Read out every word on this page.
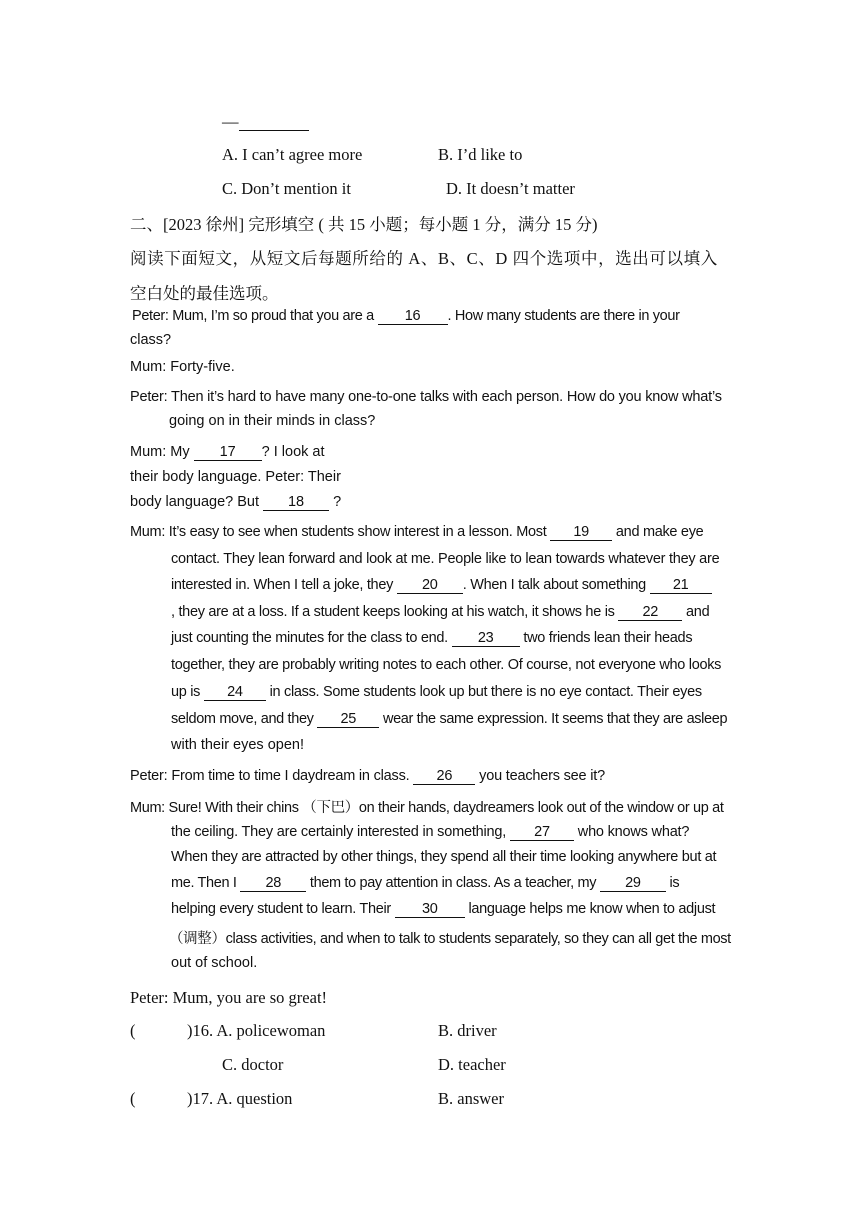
—
A. I can’t agree more	B. I’d like to
C. Don’t mention it	D. It doesn’t matter
二、[2023 徐州] 完形填空 ( 共 15 小题；每小题 1 分，满分 15 分)
阅读下面短文，从短文后每题所给的 A、B、C、D 四个选项中，选出可以填入
空白处的最佳选项。
Peter: Mum, I’m so proud that you are a 16 . How many students are there in your
class?
Mum: Forty-five.
Peter: Then it’s hard to have many one-to-one talks with each person. How do you know what’s
going on in their minds in class?
Mum: My 17 ? I look at
their body language. Peter: Their
body language? But 18 ?
Mum: It’s easy to see when students show interest in a lesson. Most 19 and make eye
contact. They lean forward and look at me. People like to lean towards whatever they are
interested in. When I tell a joke, they 20 . When I talk about something 21
, they are at a loss. If a student keeps looking at his watch, it shows he is 22 and
just counting the minutes for the class to end. 23 two friends lean their heads
together, they are probably writing notes to each other. Of course, not everyone who looks
up is 24 in class. Some students look up but there is no eye contact. Their eyes
seldom move, and they 25 wear the same expression. It seems that they are asleep
with their eyes open!
Peter: From time to time I daydream in class. 26 you teachers see it?
Mum: Sure! With their chins （下巴）on their hands, daydreamers look out of the window or up at
the ceiling. They are certainly interested in something, 27 who knows what?
When they are attracted by other things, they spend all their time looking anywhere but at
me. Then I 28 them to pay attention in class. As a teacher, my 29 is
helping every student to learn. Their 30 language helps me know when to adjust
（调整）class activities, and when to talk to students separately, so they can all get the most
out of school.
Peter: Mum, you are so great!
(	)16. A. policewoman	B. driver
C. doctor	D. teacher
(	)17. A. question	B. answer
